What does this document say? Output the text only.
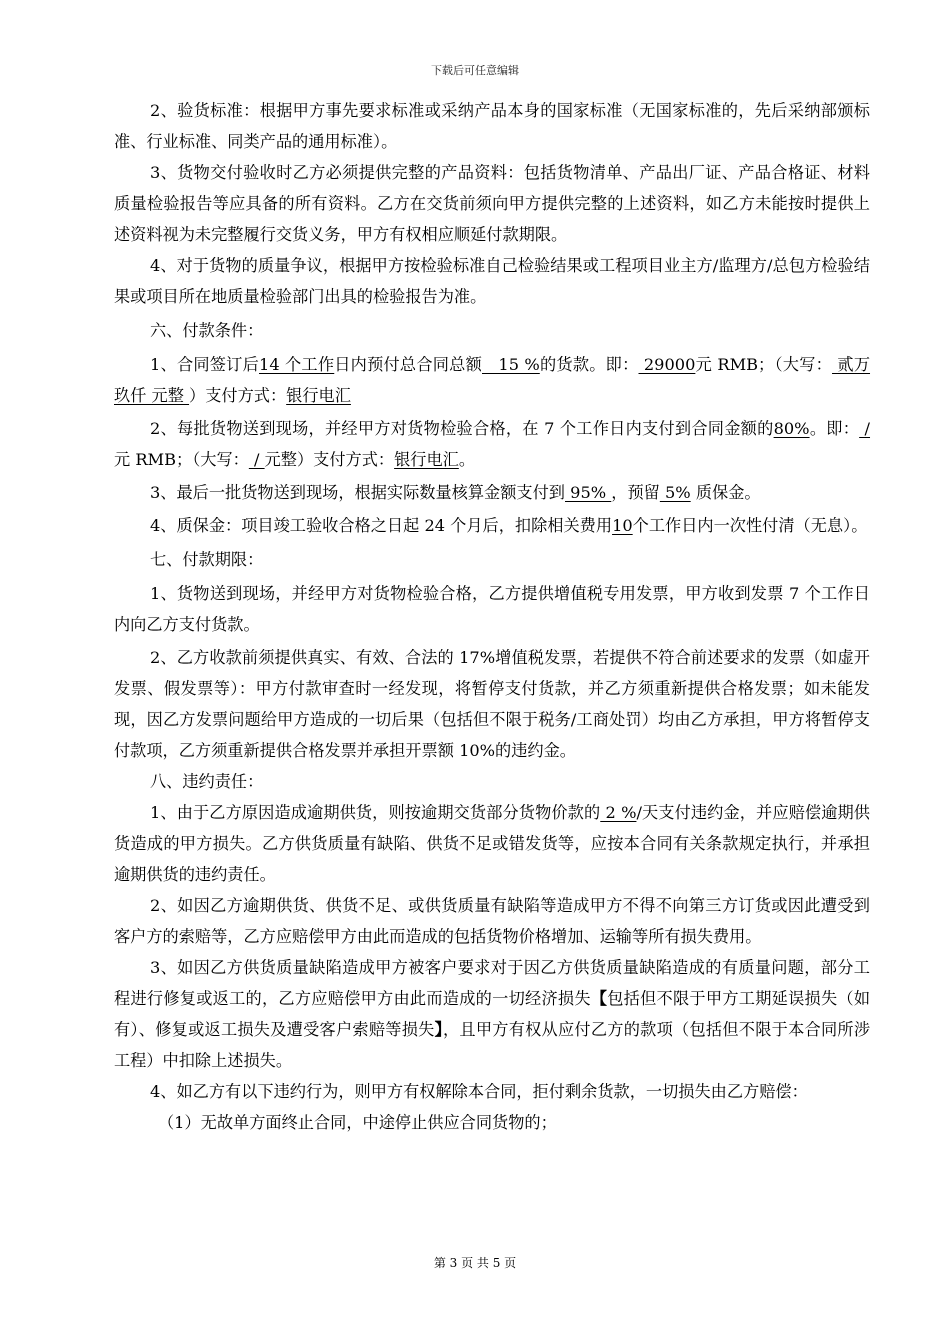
下载后可任意编辑

2、验货标准：根据甲方事先要求标准或采纳产品本身的国家标准（无国家标准的，先后采纳部颁标准、行业标准、同类产品的通用标准）。

3、货物交付验收时乙方必须提供完整的产品资料：包括货物清单、产品出厂证、产品合格证、材料质量检验报告等应具备的所有资料。乙方在交货前须向甲方提供完整的上述资料，如乙方未能按时提供上述资料视为未完整履行交货义务，甲方有权相应顺延付款期限。

4、对于货物的质量争议，根据甲方按检验标准自己检验结果或工程项目业主方/监理方/总包方检验结果或项目所在地质量检验部门出具的检验报告为准。

六、付款条件：

1、合同签订后14 个工作日内预付总合同总额　15 %的货款。即： 29000元 RMB；（大写： 贰万玖仟 元整 ）支付方式：银行电汇

2、每批货物送到现场，并经甲方对货物检验合格，在 7 个工作日内支付到合同金额的80%。即： / 元 RMB；（大写： / 元整）支付方式：银行电汇。

3、最后一批货物送到现场，根据实际数量核算金额支付到 95% ，预留 5% 质保金。

4、质保金：项目竣工验收合格之日起 24 个月后，扣除相关费用10个工作日内一次性付清（无息）。

七、付款期限：

1、货物送到现场，并经甲方对货物检验合格，乙方提供增值税专用发票，甲方收到发票 7 个工作日内向乙方支付货款。

2、乙方收款前须提供真实、有效、合法的 17%增值税发票，若提供不符合前述要求的发票（如虚开发票、假发票等）：甲方付款审查时一经发现，将暂停支付货款，并乙方须重新提供合格发票；如未能发现，因乙方发票问题给甲方造成的一切后果（包括但不限于税务/工商处罚）均由乙方承担，甲方将暂停支付款项，乙方须重新提供合格发票并承担开票额 10%的违约金。

八、违约责任：

1、由于乙方原因造成逾期供货，则按逾期交货部分货物价款的 2 %/天支付违约金，并应赔偿逾期供货造成的甲方损失。乙方供货质量有缺陷、供货不足或错发货等，应按本合同有关条款规定执行，并承担逾期供货的违约责任。

2、如因乙方逾期供货、供货不足、或供货质量有缺陷等造成甲方不得不向第三方订货或因此遭受到客户方的索赔等，乙方应赔偿甲方由此而造成的包括货物价格增加、运输等所有损失费用。

3、如因乙方供货质量缺陷造成甲方被客户要求对于因乙方供货质量缺陷造成的有质量问题，部分工程进行修复或返工的，乙方应赔偿甲方由此而造成的一切经济损失【包括但不限于甲方工期延误损失（如有）、修复或返工损失及遭受客户索赔等损失】，且甲方有权从应付乙方的款项（包括但不限于本合同所涉工程）中扣除上述损失。

4、如乙方有以下违约行为，则甲方有权解除本合同，拒付剩余货款，一切损失由乙方赔偿：

（1）无故单方面终止合同，中途停止供应合同货物的；

第 3 页 共 5 页
